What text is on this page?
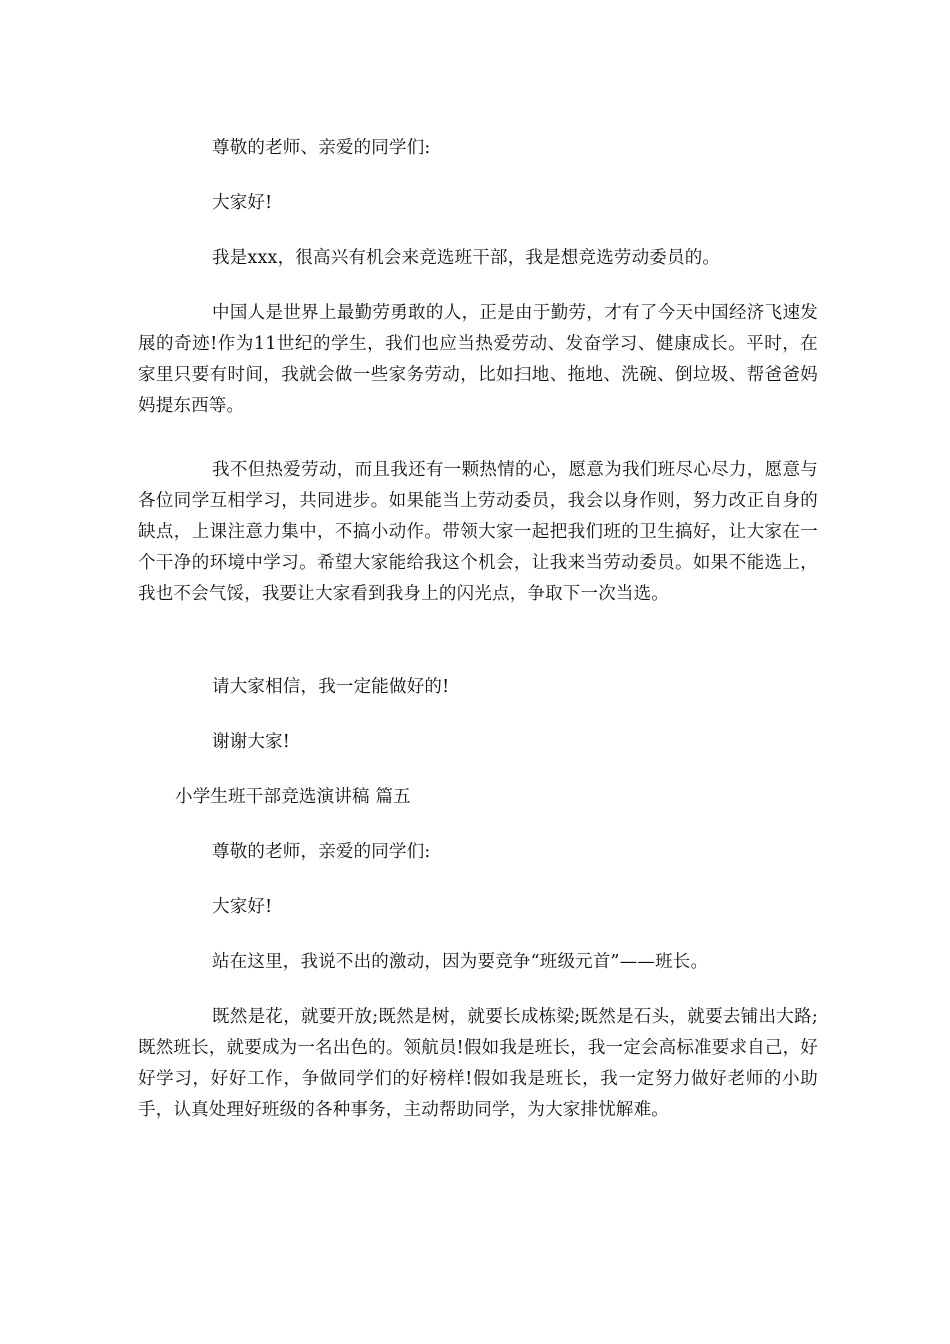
尊敬的老师、亲爱的同学们:

大家好!

我是xxx，很高兴有机会来竞选班干部，我是想竞选劳动委员的。

中国人是世界上最勤劳勇敢的人，正是由于勤劳，才有了今天中国经济飞速发展的奇迹!作为11世纪的学生，我们也应当热爱劳动、发奋学习、健康成长。平时，在家里只要有时间，我就会做一些家务劳动，比如扫地、拖地、洗碗、倒垃圾、帮爸爸妈妈提东西等。

我不但热爱劳动，而且我还有一颗热情的心，愿意为我们班尽心尽力，愿意与各位同学互相学习，共同进步。如果能当上劳动委员，我会以身作则，努力改正自身的缺点，上课注意力集中，不搞小动作。带领大家一起把我们班的卫生搞好，让大家在一个干净的环境中学习。希望大家能给我这个机会，让我来当劳动委员。如果不能选上，我也不会气馁，我要让大家看到我身上的闪光点，争取下一次当选。

请大家相信，我一定能做好的!

谢谢大家!

小学生班干部竞选演讲稿 篇五

尊敬的老师，亲爱的同学们:

大家好!

站在这里，我说不出的激动，因为要竞争“班级元首”——班长。

既然是花，就要开放;既然是树，就要长成栋梁;既然是石头，就要去铺出大路;既然班长，就要成为一名出色的。领航员!假如我是班长，我一定会高标准要求自己，好好学习，好好工作，争做同学们的好榜样!假如我是班长，我一定努力做好老师的小助手，认真处理好班级的各种事务，主动帮助同学，为大家排忧解难。
